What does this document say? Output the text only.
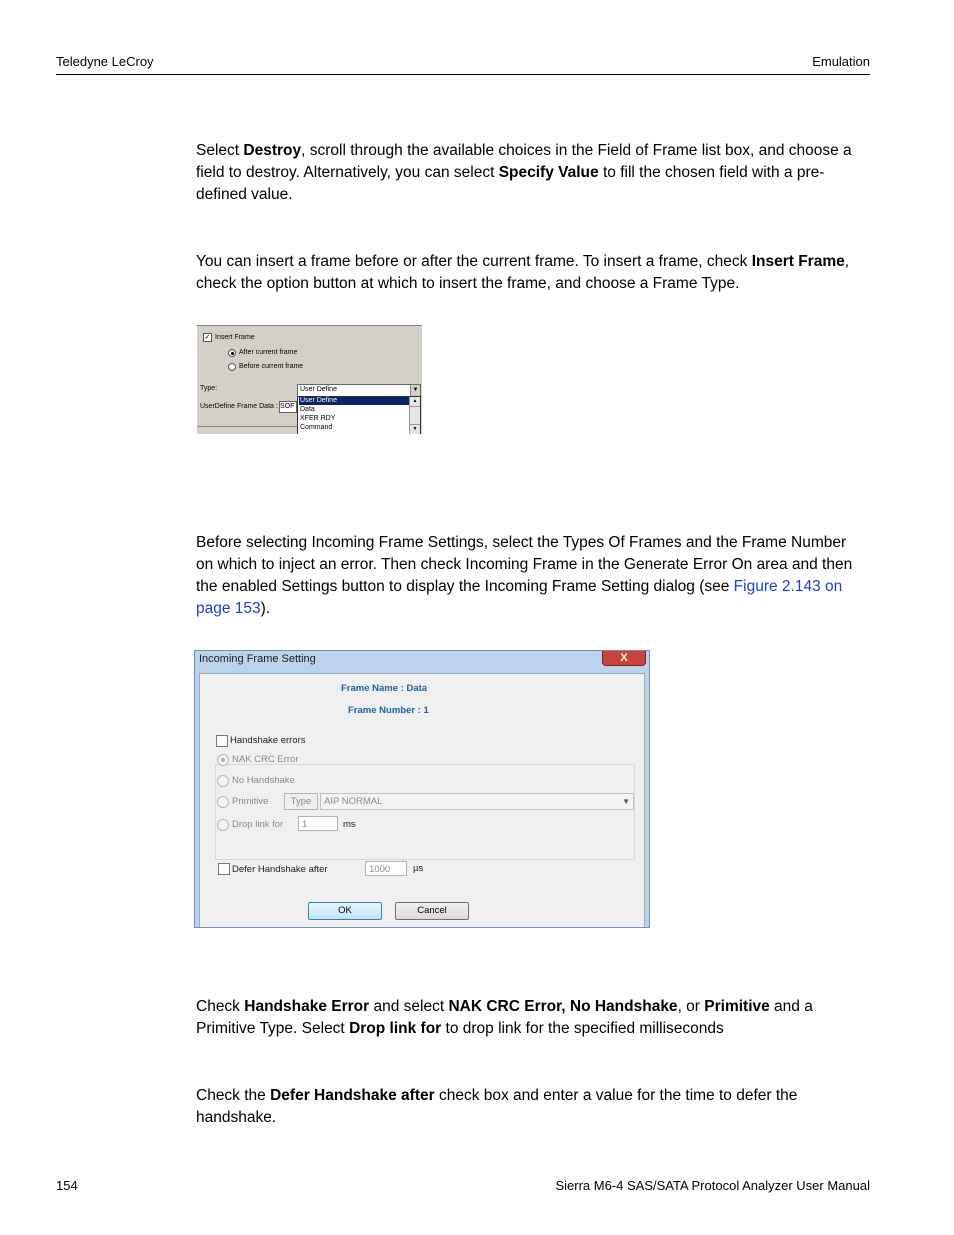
Teledyne LeCroy	Emulation
Select Destroy, scroll through the available choices in the Field of Frame list box, and choose a field to destroy. Alternatively, you can select Specify Value to fill the chosen field with a pre-defined value.
You can insert a frame before or after the current frame. To insert a frame, check Insert Frame, check the option button at which to insert the frame, and choose a Frame Type.
✓ Insert Frame
After current frame
Before current frame
Type:	User Define	▼
UserDefine Frame Data : SOF
User Define
Data
XFER RDY
Command
▲
▼
Before selecting Incoming Frame Settings, select the Types Of Frames and the Frame Number on which to inject an error. Then check Incoming Frame in the Generate Error On area and then the enabled Settings button to display the Incoming Frame Setting dialog (see Figure 2.143 on page 153).
Incoming Frame Setting	X
Frame Name : Data
Frame Number : 1
Handshake errors
NAK CRC Error
No Handshake
Primitive	Type	AIP NORMAL	▼
Drop link for	1	ms
Defer Handshake after	1000	µs
OK	Cancel
Check Handshake Error and select NAK CRC Error, No Handshake, or Primitive and a Primitive Type. Select Drop link for to drop link for the specified milliseconds
Check the Defer Handshake after check box and enter a value for the time to defer the handshake.
154	Sierra M6-4 SAS/SATA Protocol Analyzer User Manual
